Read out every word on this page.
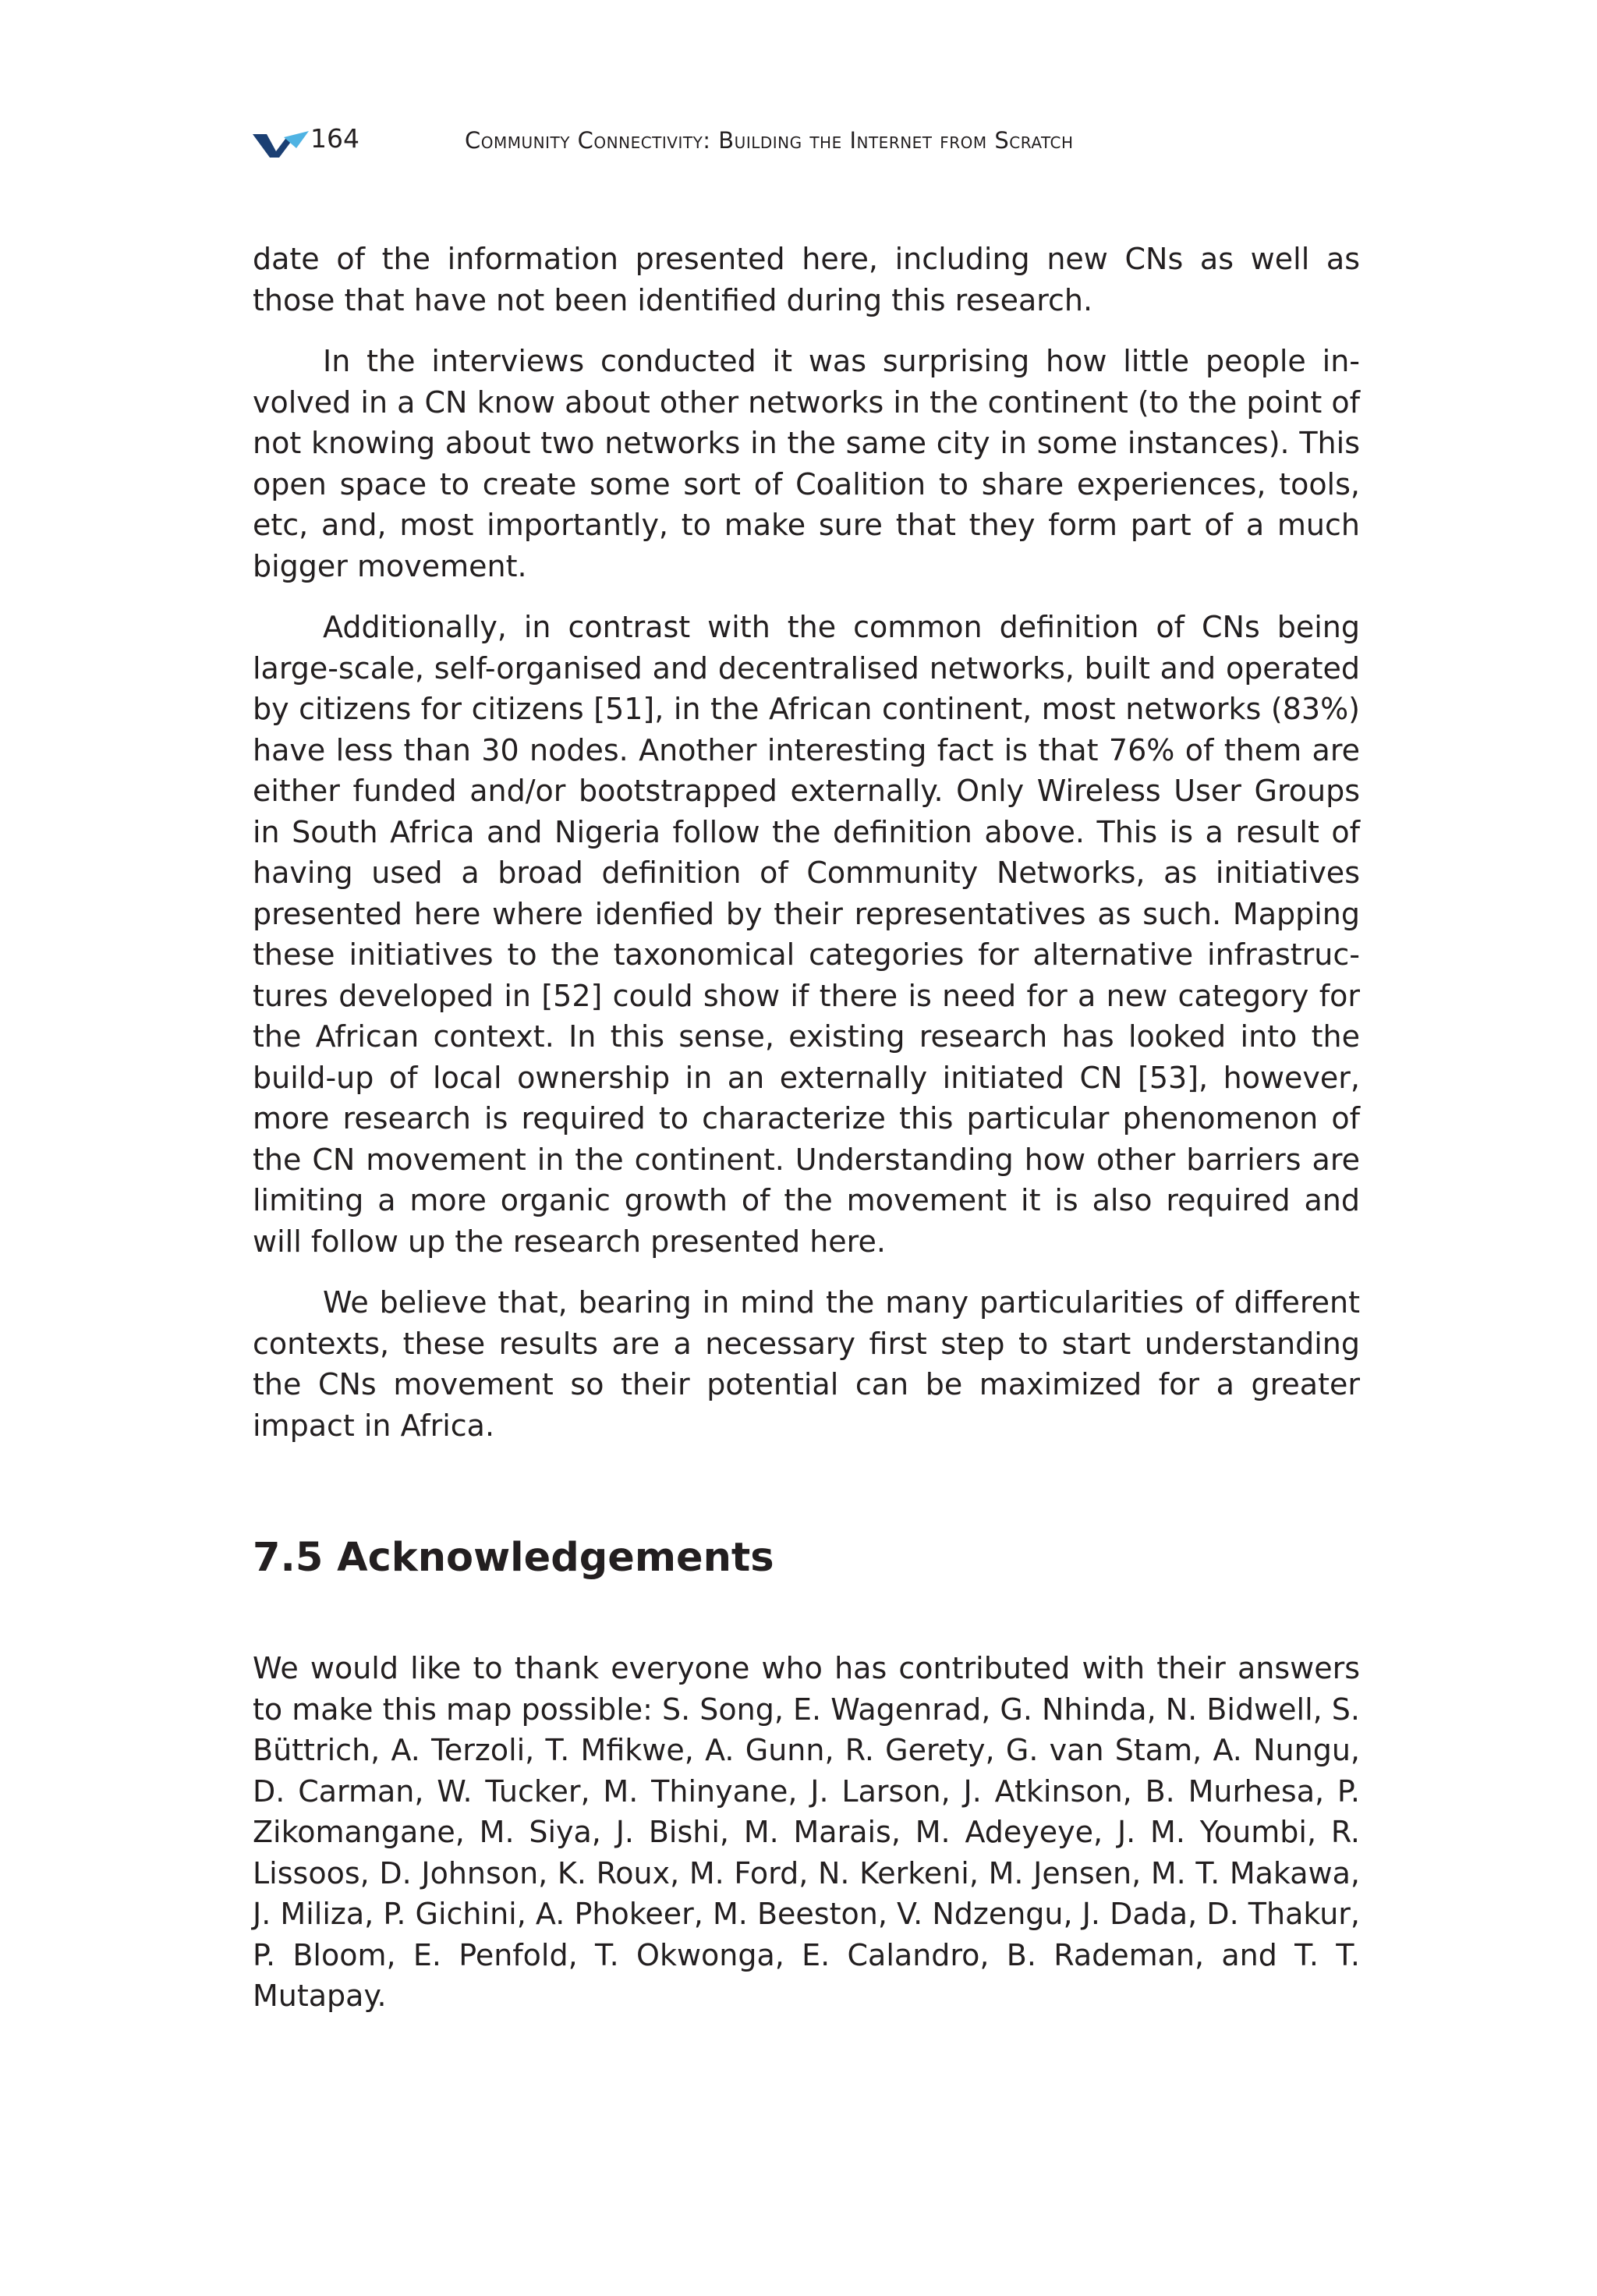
164	Community Connectivity: Building the Internet from Scratch

date of the information presented here, including new CNs as well as those that have not been identified during this research.

In the interviews conducted it was surprising how little people involved in a CN know about other networks in the continent (to the point of not knowing about two networks in the same city in some instances). This open space to create some sort of Coalition to share experiences, tools, etc, and, most importantly, to make sure that they form part of a much bigger movement.

Additionally, in contrast with the common definition of CNs being large-scale, self-organised and decentralised networks, built and operated by citizens for citizens [51], in the African continent, most networks (83%) have less than 30 nodes. Another interesting fact is that 76% of them are either funded and/or bootstrapped externally. Only Wireless User Groups in South Africa and Nigeria follow the definition above. This is a result of having used a broad definition of Community Networks, as initiatives presented here where idenfied by their representatives as such. Mapping these initiatives to the taxonomical categories for alternative infrastructures developed in [52] could show if there is need for a new category for the African context. In this sense, existing research has looked into the build-up of local ownership in an externally initiated CN [53], however, more research is required to characterize this particular phenomenon of the CN movement in the continent. Understanding how other barriers are limiting a more organic growth of the movement it is also required and will follow up the research presented here.

We believe that, bearing in mind the many particularities of different contexts, these results are a necessary first step to start understanding the CNs movement so their potential can be maximized for a greater impact in Africa.

7.5 Acknowledgements

We would like to thank everyone who has contributed with their answers to make this map possible: S. Song, E. Wagenrad, G. Nhinda, N. Bidwell, S. Büttrich, A. Terzoli, T. Mfikwe, A. Gunn, R. Gerety, G. van Stam, A. Nungu, D. Carman, W. Tucker, M. Thinyane, J. Larson, J. Atkinson, B. Murhesa, P. Zikomangane, M. Siya, J. Bishi, M. Marais, M. Adeyeye, J. M. Youmbi, R. Lissoos, D. Johnson, K. Roux, M. Ford, N. Kerkeni, M. Jensen, M. T. Makawa, J. Miliza, P. Gichini, A. Phokeer, M. Beeston, V. Ndzengu, J. Dada, D. Thakur, P. Bloom, E. Penfold, T. Okwonga, E. Calandro, B. Rademan, and T. T. Mutapay.
